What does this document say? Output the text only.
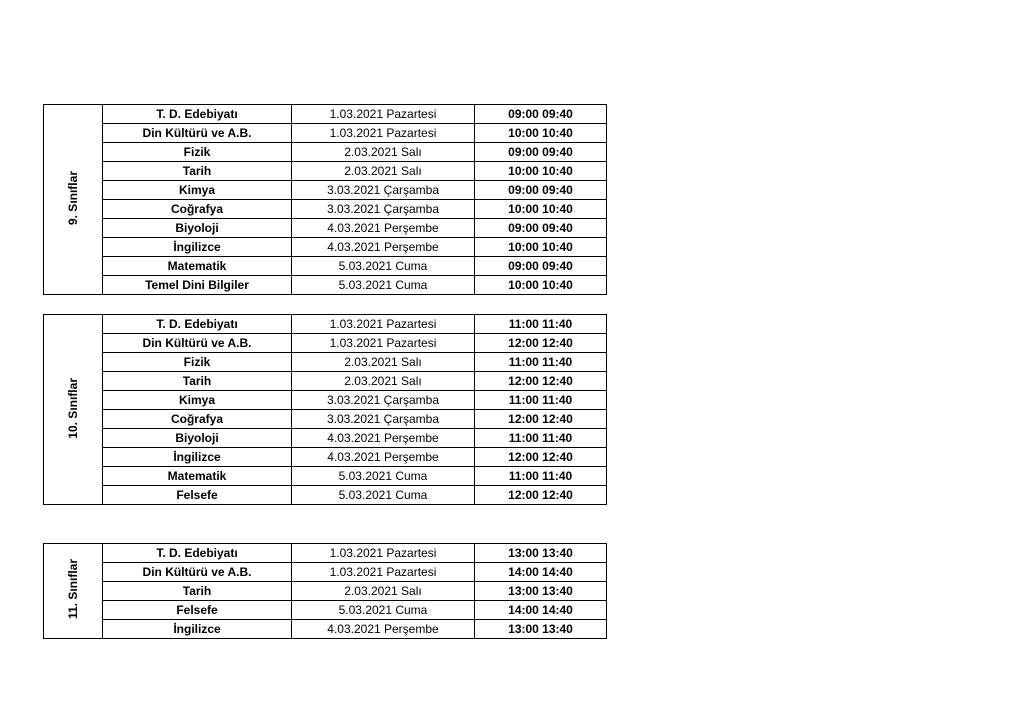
9. Sınıflar	T. D. Edebiyatı	1.03.2021 Pazartesi	09:00 09:40
	Din Kültürü ve A.B.	1.03.2021 Pazartesi	10:00 10:40
	Fizik	2.03.2021 Salı	09:00 09:40
	Tarih	2.03.2021 Salı	10:00 10:40
	Kimya	3.03.2021 Çarşamba	09:00 09:40
	Coğrafya	3.03.2021 Çarşamba	10:00 10:40
	Biyoloji	4.03.2021 Perşembe	09:00 09:40
	İngilizce	4.03.2021 Perşembe	10:00 10:40
	Matematik	5.03.2021 Cuma	09:00 09:40
	Temel Dini Bilgiler	5.03.2021 Cuma	10:00 10:40
10. Sınıflar	T. D. Edebiyatı	1.03.2021 Pazartesi	11:00 11:40
	Din Kültürü ve A.B.	1.03.2021 Pazartesi	12:00 12:40
	Fizik	2.03.2021 Salı	11:00 11:40
	Tarih	2.03.2021 Salı	12:00 12:40
	Kimya	3.03.2021 Çarşamba	11:00 11:40
	Coğrafya	3.03.2021 Çarşamba	12:00 12:40
	Biyoloji	4.03.2021 Perşembe	11:00 11:40
	İngilizce	4.03.2021 Perşembe	12:00 12:40
	Matematik	5.03.2021 Cuma	11:00 11:40
	Felsefe	5.03.2021 Cuma	12:00 12:40
11. Sınıflar	T. D. Edebiyatı	1.03.2021 Pazartesi	13:00 13:40
	Din Kültürü ve A.B.	1.03.2021 Pazartesi	14:00 14:40
	Tarih	2.03.2021 Salı	13:00 13:40
	Felsefe	5.03.2021 Cuma	14:00 14:40
	İngilizce	4.03.2021 Perşembe	13:00 13:40
